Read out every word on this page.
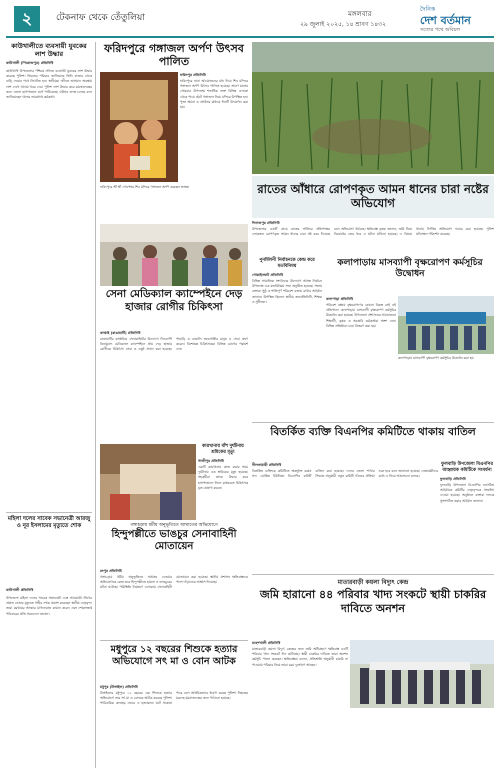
২	টেকনাফ থেকে তেঁতুলিয়া	মঙ্গলবার
২৯ জুলাই ২০২৫, ১৪ শ্রাবণ ১৪৩২
দৈনিক
দেশ বর্তমান
সত্যের পথে অবিচল
কাউখালীতে ব্যবসায়ী যুবকের লাশ উদ্ধার
কাউখালী (পিরোজপুর) প্রতিনিধি
কাউখালী উপজেলার পশ্চিমে নদীতে ব্যবসায়ী যুবকের লাশ উদ্ধার করেছে পুলিশ। নিহতের পরিবার জানিয়েছে তিনি বাজার থেকে বাড়ি ফেরার পথে নিখোঁজ হন। স্থানীয়রা নদীতে ভাসমান অবস্থায় লাশ দেখে থানায় খবর দেয়। পুলিশ লাশ উদ্ধার করে ময়নাতদন্তের জন্য জেলা হাসপাতাল মর্গে পাঠিয়েছে। ঘটনার তদন্ত চলছে বলে জানিয়েছেন থানার ভারপ্রাপ্ত কর্মকর্তা।
মহিলা দলের সাবেক সভানেত্রী আরজু ও নূর ইসলামের মৃত্যুতে শোক
কাউখালী প্রতিনিধি
উপজেলা মহিলা দলের সাবেক সভানেত্রী এবং আওয়ামী লীগের প্রয়াত নেতার মৃত্যুতে গভীর শোক প্রকাশ করেছেন স্থানীয় নেতৃবৃন্দ। তারা মরহুমের আত্মার মাগফেরাত কামনা করেন এবং শোকসন্তপ্ত পরিবারের প্রতি সমবেদনা জানান।
ফরিদপুরে গঙ্গাজল অর্পণ উৎসব পালিত
ফরিদপুর প্রতিনিধি
ফরিদপুরে নানা আয়োজনের মধ্য দিয়ে শিব মন্দিরে গঙ্গাজল অর্পণ উৎসব পালিত হয়েছে। শ্রাবণ মাসের সোমবার উপলক্ষে শতাধিক ভক্ত বিভিন্ন এলাকা থেকে পায়ে হেঁটে গঙ্গাজল নিয়ে মন্দিরে উপস্থিত হন। পূজা অর্চনা ও প্রার্থনার মাধ্যমে দিনটি উদযাপন করা হয়।
ফরিদপুরে শ্রী শ্রী গোপেশ্বর শিব মন্দিরে গঙ্গাজল অর্পণ করছেন ভক্তরা	রাতের আঁধারে রোপণকৃত আমন ধানের চারা নষ্টের অভিযোগ
দিনাজপুর প্রতিনিধি
উপজেলার একটি গ্রামে রাতের আঁধারে প্রতিপক্ষের লোকজন রোপণকৃত আমন ধানের চারা নষ্ট করে দিয়েছে বলে অভিযোগ উঠেছে। ক্ষতিগ্রস্ত কৃষক জানান, জমি নিয়ে বিরোধের জের ধরে এ ঘটনা ঘটানো হয়েছে। এ বিষয়ে থানায় লিখিত অভিযোগ দায়ের করা হয়েছে। পুলিশ ঘটনাস্থল পরিদর্শন করেছে।
সেনা মেডিক্যাল ক্যাম্পেইনে দেড় হাজার রোগীর চিকিৎসা
কাপ্তাই (রাঙামাটি) প্রতিনিধি
রাঙামাটির কাপ্তাইয়ে সেনাবাহিনীর উদ্যোগে দিনব্যাপী বিনামূল্যে মেডিক্যাল ক্যাম্পেইনে প্রায় দেড় হাজার রোগীকে চিকিৎসা সেবা ও ওষুধ প্রদান করা হয়েছে। পাহাড়ি ও বাঙালি জনগোষ্ঠীর মানুষ এ সেবা গ্রহণ করেন। বিশেষজ্ঞ চিকিৎসকরা বিভিন্ন রোগের পরামর্শ দেন।
পুনর্মিলনী নির্বাচনকে কেন্দ্র করে মতবিনিময়
গোয়াইনঘাট প্রতিনিধি
বিভিন্ন সামাজিক সংগঠনের উদ্যোগে আসন্ন নির্বাচন উপলক্ষে এক মতবিনিময় সভা অনুষ্ঠিত হয়েছে। সভায় বক্তারা সুষ্ঠু ও শান্তিপূর্ণ পরিবেশ বজায় রাখার আহ্বান জানান। উপস্থিত ছিলেন স্থানীয় জনপ্রতিনিধি, শিক্ষক ও সুধীজন।
কলাপাড়ায় মাসব্যাপী বৃক্ষরোপণ কর্মসূচির উদ্বোধন
কলাপাড়া প্রতিনিধি
পরিবেশ রক্ষায় বৃক্ষরোপণের কোনো বিকল্প নেই এই প্রতিপাদ্যে কলাপাড়ায় মাসব্যাপী বৃক্ষরোপণ কর্মসূচির উদ্বোধন করা হয়েছে। উপজেলা প্রশাসনের আয়োজনে শিক্ষার্থী, কৃষক ও সরকারি কর্মকর্তারা অংশ নেন। বিভিন্ন প্রতিষ্ঠানে চারা বিতরণ করা হয়।
কলাপাড়ায় মাসব্যাপী বৃক্ষরোপণ কর্মসূচির উদ্বোধন করা হয়
কারখানায় বাঁশ দুর্ঘটনায় শ্রমিকের মৃত্যু
গাজীপুর প্রতিনিধি
একটি কারখানায় কাজ করার সময় দুর্ঘটনায় এক শ্রমিকের মৃত্যু হয়েছে। সহকর্মীরা তাকে উদ্ধার করে হাসপাতালে নিলে কর্তব্যরত চিকিৎসক মৃত ঘোষণা করেন।
গঙ্গাচড়ায় ধর্মীয় অনুভূতিতে আঘাতের অভিযোগে
হিন্দুপল্লীতে ভাঙচুর সেনাবাহিনী মোতায়েন
রংপুর প্রতিনিধি
গঙ্গাচড়ায় ধর্মীয় অনুভূতিতে আঘাত দেওয়ার অভিযোগকে কেন্দ্র করে হিন্দুপল্লীতে হামলা ও ভাঙচুরের ঘটনা ঘটেছে। পরিস্থিতি নিয়ন্ত্রণে এলাকায় সেনাবাহিনী মোতায়েন করা হয়েছে। স্থানীয় প্রশাসন ক্ষতিগ্রস্তদের পাশে দাঁড়ানোর আশ্বাস দিয়েছে।
বিতর্কিত ব্যক্তি বিএনপির কমিটিতে থাকায় বাতিল
নীলফামারী প্রতিনিধি
বিতর্কিত ব্যক্তিকে কমিটিতে অন্তর্ভুক্ত করায় সদ্য ঘোষিত ইউনিয়ন বিএনপির কমিটি বাতিল করা হয়েছে। দলের জেলা শাখার সিদ্ধান্ত অনুযায়ী নতুন কমিটি গঠনের প্রক্রিয়া শুরু হবে বলে জানানো হয়েছে। নেতাকর্মীদের মধ্যে এ নিয়ে আলোচনা চলছে।
ফুলবাড়ি উপজেলা বিএনপির আহ্বায়ক কমিটিকে সংবর্ধনা
ফুলবাড়ি প্রতিনিধি
ফুলবাড়ি উপজেলা বিএনপির নবগঠিত আহ্বায়ক কমিটির নেতৃবৃন্দকে সংবর্ধনা দেওয়া হয়েছে। অনুষ্ঠানে বক্তারা দলকে সুসংগঠিত করার আহ্বান জানান।
মধুপুরে ১২ বছরের শিশুকে হত্যার অভিযোগে সৎ মা ও বোন আটক
মধুপুর (টাঙ্গাইল) প্রতিনিধি
টাঙ্গাইলের মধুপুরে ১২ বছরের এক শিশুকে হত্যার অভিযোগে তার সৎ মা ও বোনকে আটক করেছে পুলিশ। পারিবারিক কলহের জেরে এ হত্যাকাণ্ড ঘটে থাকতে পারে বলে প্রাথমিকভাবে ধারণা করছে পুলিশ। নিহতের মরদেহ ময়নাতদন্তের জন্য পাঠানো হয়েছে।
মাতারবাড়ী কয়লা বিদ্যুৎ কেন্দ্র
জমি হারানো ৪৪ পরিবার খাদ্য সংকটে স্থায়ী চাকরির দাবিতে অনশন
মহেশখালী প্রতিনিধি
মাতারবাড়ী কয়লা বিদ্যুৎ কেন্দ্রের জন্য জমি অধিগ্রহণে ক্ষতিগ্রস্ত ৪৪টি পরিবার খাদ্য সংকটে দিন কাটাচ্ছে। স্থায়ী চাকরির দাবিতে তারা অনশন কর্মসূচি পালন করছেন। ক্ষতিগ্রস্তরা বলেন, প্রতিশ্রুতি অনুযায়ী চাকরি না পাওয়ায় পরিবার নিয়ে তারা চরম দুর্ভোগে আছেন।
